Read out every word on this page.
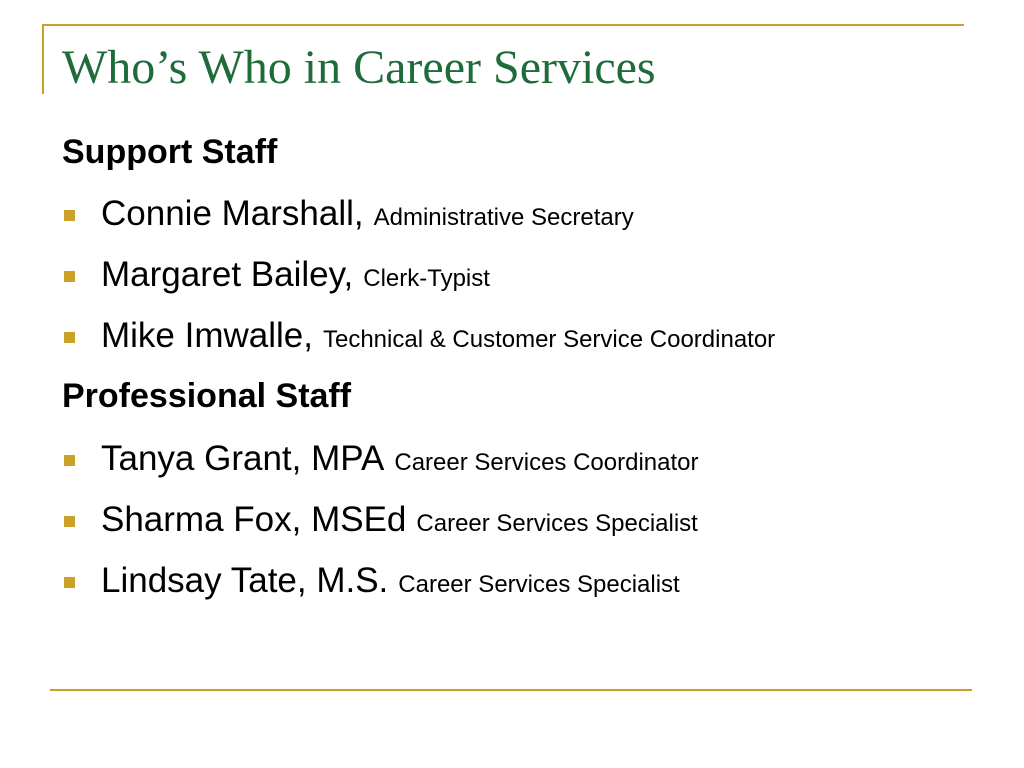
Who’s Who in Career Services
Support Staff
Connie Marshall, Administrative Secretary
Margaret Bailey, Clerk-Typist
Mike Imwalle, Technical & Customer Service Coordinator
Professional Staff
Tanya Grant, MPA Career Services Coordinator
Sharma Fox, MSEd Career Services Specialist
Lindsay Tate, M.S. Career Services Specialist
